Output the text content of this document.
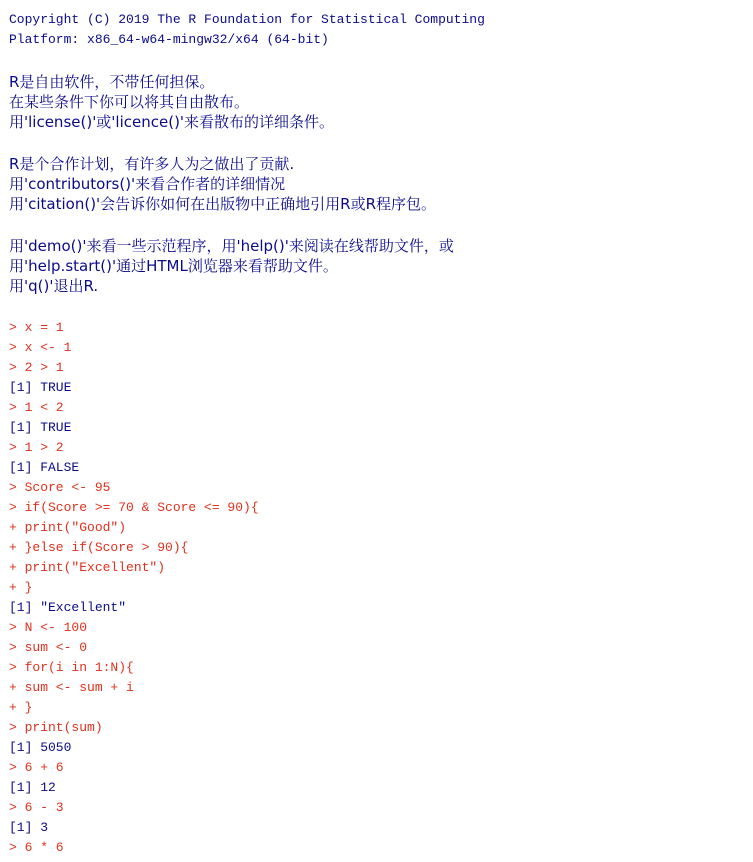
Copyright (C) 2019 The R Foundation for Statistical Computing
Platform: x86_64-w64-mingw32/x64 (64-bit)
R是自由软件，不带任何担保。
在某些条件下你可以将其自由散布。
用'license()'或'licence()'来看散布的详细条件。
R是个合作计划，有许多人为之做出了贡献.
用'contributors()'来看合作者的详细情况
用'citation()'会告诉你如何在出版物中正确地引用R或R程序包。
用'demo()'来看一些示范程序，用'help()'来阅读在线帮助文件，或
用'help.start()'通过HTML浏览器来看帮助文件。
用'q()'退出R.
> x = 1
> x <- 1
> 2 > 1
[1] TRUE
> 1 < 2
[1] TRUE
> 1 > 2
[1] FALSE
> Score <- 95
> if(Score >= 70 & Score <= 90){
+ print("Good")
+ }else if(Score > 90){
+ print("Excellent")
+ }
[1] "Excellent"
> N <- 100
> sum <- 0
> for(i in 1:N){
+ sum <- sum + i
+ }
> print(sum)
[1] 5050
> 6 + 6
[1] 12
> 6 - 3
[1] 3
> 6 * 6
